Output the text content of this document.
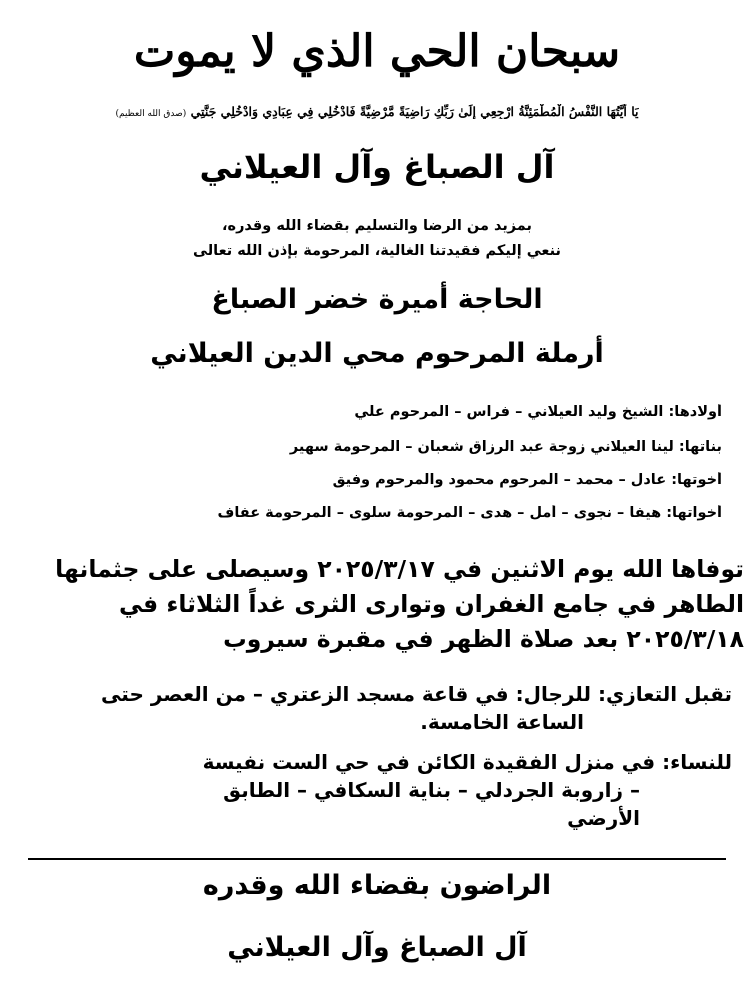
سبحان الحي الذي لا يموت
يَا أَيَّتُهَا النَّفْسُ الْمُطْمَئِنَّةُ ارْجِعِي إِلَىٰ رَبِّكِ رَاضِيَةً مَّرْضِيَّةً فَادْخُلِي فِي عِبَادِي وَادْخُلِي جَنَّتِي (صدق الله العظيم)
آل الصباغ وآل العيلاني
بمزيد من الرضا والتسليم بقضاء الله وقدره،
ننعي إليكم فقيدتنا الغالية، المرحومة بإذن الله تعالى
الحاجة أميرة خضر الصباغ
أرملة المرحوم محي الدين العيلاني
أولادها: الشيخ وليد العيلاني – فراس – المرحوم علي
بناتها: لينا العيلاني زوجة عبد الرزاق شعبان – المرحومة سهير
أخوتها: عادل – محمد – المرحوم محمود والمرحوم وفيق
أخواتها: هيفا – نجوى – أمل – هدى – المرحومة سلوى – المرحومة عفاف
توفاها الله يوم الاثنين في ٢٠٢٥/٣/١٧ وسيصلى على جثمانها
الطاهر في جامع الغفران وتوارى الثرى غداً الثلاثاء في
٢٠٢٥/٣/١٨ بعد صلاة الظهر في مقبرة سيروب
تقبل التعازي: للرجال: في قاعة مسجد الزعتري – من العصر حتى
الساعة الخامسة.
للنساء: في منزل الفقيدة الكائن في حي الست نفيسة
– زاروبة الجردلي – بناية السكافي – الطابق
الأرضي
الراضون بقضاء الله وقدره
آل الصباغ وآل العيلاني
